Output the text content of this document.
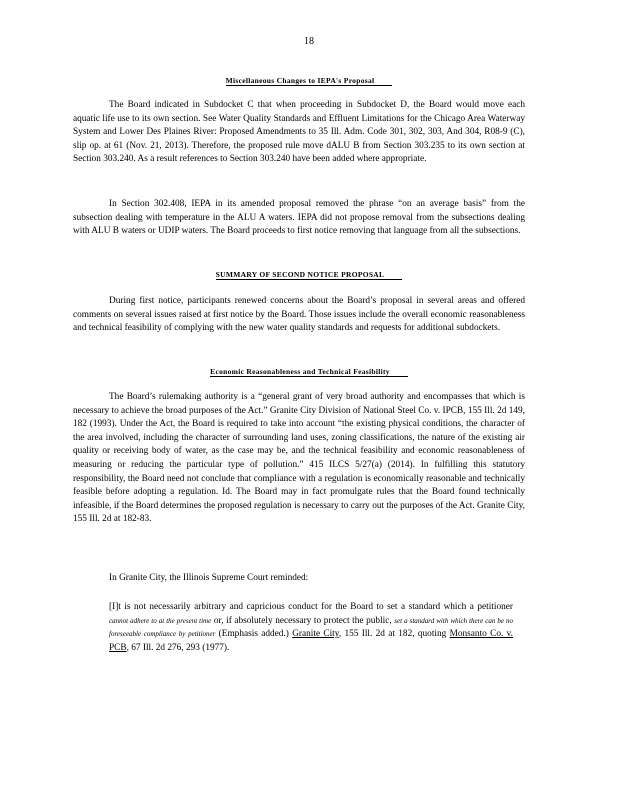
18
Miscellaneous Changes to IEPA's Proposal
The Board indicated in Subdocket C that when proceeding in Subdocket D, the Board would move each aquatic life use to its own section. See Water Quality Standards and Effluent Limitations for the Chicago Area Waterway System and Lower Des Plaines River: Proposed Amendments to 35 Ill. Adm. Code 301, 302, 303, And 304, R08-9 (C), slip op. at 61 (Nov. 21, 2013). Therefore, the proposed rule move dALU B from Section 303.235 to its own section at Section 303.240. As a result references to Section 303.240 have been added where appropriate.
In Section 302.408, IEPA in its amended proposal removed the phrase “on an average basis” from the subsection dealing with temperature in the ALU A waters. IEPA did not propose removal from the subsections dealing with ALU B waters or UDIP waters. The Board proceeds to first notice removing that language from all the subsections.
SUMMARY OF SECOND NOTICE PROPOSAL
During first notice, participants renewed concerns about the Board’s proposal in several areas and offered comments on several issues raised at first notice by the Board. Those issues include the overall economic reasonableness and technical feasibility of complying with the new water quality standards and requests for additional subdockets.
Economic Reasonableness and Technical Feasibility
The Board’s rulemaking authority is a “general grant of very broad authority and encompasses that which is necessary to achieve the broad purposes of the Act.” Granite City Division of National Steel Co. v. IPCB, 155 Ill. 2d 149, 182 (1993). Under the Act, the Board is required to take into account “the existing physical conditions, the character of the area involved, including the character of surrounding land uses, zoning classifications, the nature of the existing air quality or receiving body of water, as the case may be, and the technical feasibility and economic reasonableness of measuring or reducing the particular type of pollution.” 415 ILCS 5/27(a) (2014). In fulfilling this statutory responsibility, the Board need not conclude that compliance with a regulation is economically reasonable and technically feasible before adopting a regulation. Id. The Board may in fact promulgate rules that the Board found technically infeasible, if the Board determines the proposed regulation is necessary to carry out the purposes of the Act. Granite City, 155 Ill. 2d at 182-83.
In Granite City, the Illinois Supreme Court reminded:
[I]t is not necessarily arbitrary and capricious conduct for the Board to set a standard which a petitioner cannot adhere to at the present time or, if absolutely necessary to protect the public, set a standard with which there can be no foreseeable compliance by petitioner (Emphasis added.) Granite City, 155 Ill. 2d at 182, quoting Monsanto Co. v. PCB, 67 Ill. 2d 276, 293 (1977).
